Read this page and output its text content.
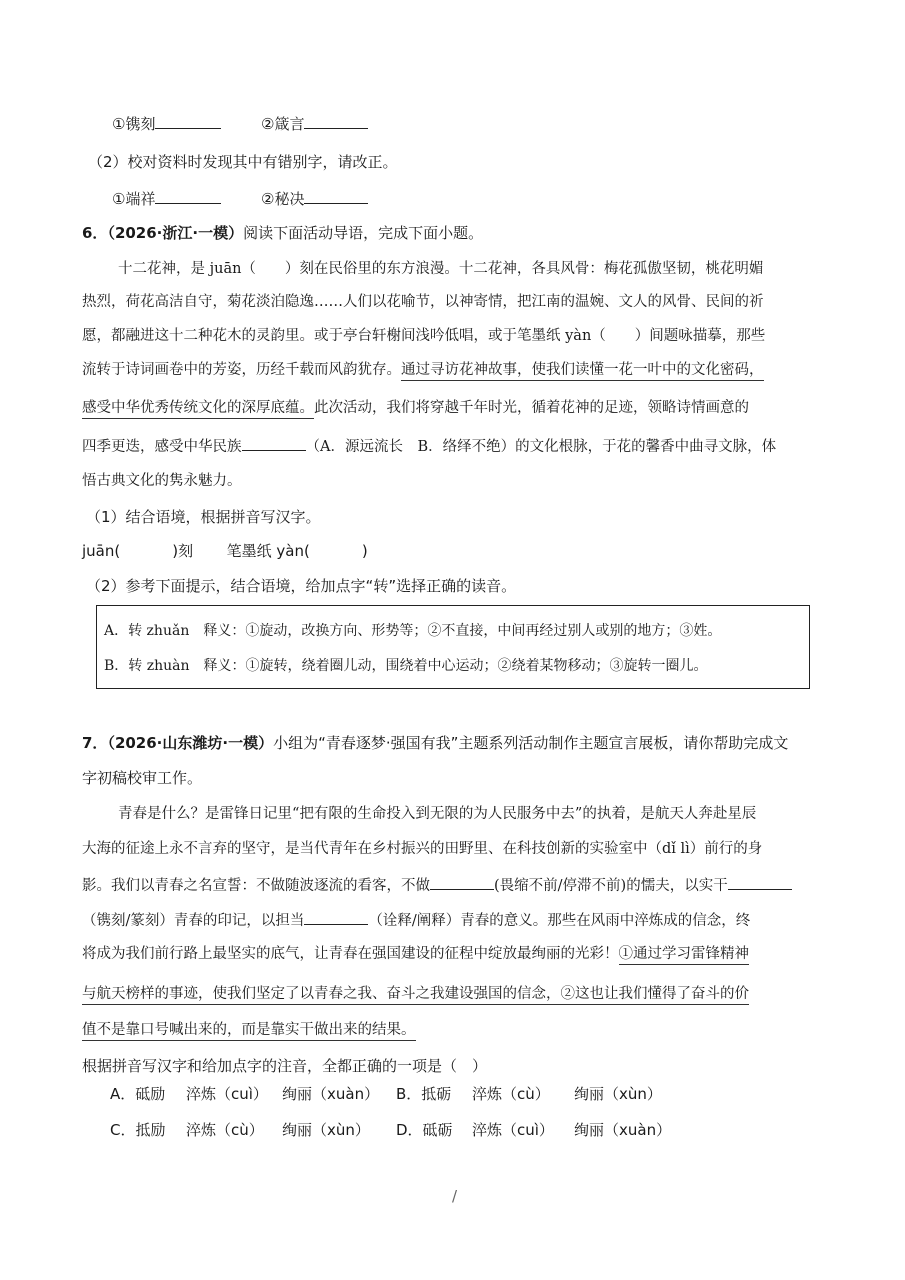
①镌刻	②箴言
（2）校对资料时发现其中有错别字，请改正。
①端祥	②秘决
6．（2026·浙江·一模）阅读下面活动导语，完成下面小题。
十二花神，是 juān（　　）刻在民俗里的东方浪漫。十二花神，各具风骨：梅花孤傲坚韧，桃花明媚
热烈，荷花高洁自守，菊花淡泊隐逸……人们以花喻节，以神寄情，把江南的温婉、文人的风骨、民间的祈
愿，都融进这十二种花木的灵韵里。或于亭台轩榭间浅吟低唱，或于笔墨纸 yàn（　　）间题咏描摹，那些
流转于诗词画卷中的芳姿，历经千载而风韵犹存。通过寻访花神故事，使我们读懂一花一叶中的文化密码，
感受中华优秀传统文化的深厚底蕴。此次活动，我们将穿越千年时光，循着花神的足迹，领略诗情画意的
四季更迭，感受中华民族	（A．源远流长　B．络绎不绝）的文化根脉，于花的馨香中曲寻文脉，体
悟古典文化的隽永魅力。
（1）结合语境，根据拼音写汉字。
juān(	)刻 笔墨纸 yàn(	)
（2）参考下面提示，结合语境，给加点字“转”选择正确的读音。
A．转 zhuǎn　释义：①旋动，改换方向、形势等；②不直接，中间再经过别人或别的地方；③姓。
B．转 zhuàn　释义：①旋转，绕着圈儿动，围绕着中心运动；②绕着某物移动；③旋转一圈儿。
7．（2026·山东潍坊·一模）小组为“青春逐梦·强国有我”主题系列活动制作主题宣言展板，请你帮助完成文
字初稿校审工作。
青春是什么？是雷锋日记里“把有限的生命投入到无限的为人民服务中去”的执着，是航天人奔赴星辰
大海的征途上永不言弃的坚守，是当代青年在乡村振兴的田野里、在科技创新的实验室中（dǐ lì）前行的身
影。我们以青春之名宣誓：不做随波逐流的看客，不做	(畏缩不前/停滞不前)的懦夫，以实干
（镌刻/篆刻）青春的印记，以担当	（诠释/阐释）青春的意义。那些在风雨中淬炼成的信念，终
将成为我们前行路上最坚实的底气，让青春在强国建设的征程中绽放最绚丽的光彩！①通过学习雷锋精神
与航天榜样的事迹，使我们坚定了以青春之我、奋斗之我建设强国的信念，②这也让我们懂得了奋斗的价
值不是靠口号喊出来的，而是靠实干做出来的结果。
根据拼音写汉字和给加点字的注音，全都正确的一项是（　）
A．砥励 淬炼（cuì） 绚丽（xuàn） B．抵砺 淬炼（cù） 绚丽（xùn）
C．抵励 淬炼（cù） 绚丽（xùn） D．砥砺 淬炼（cuì） 绚丽（xuàn）
/
